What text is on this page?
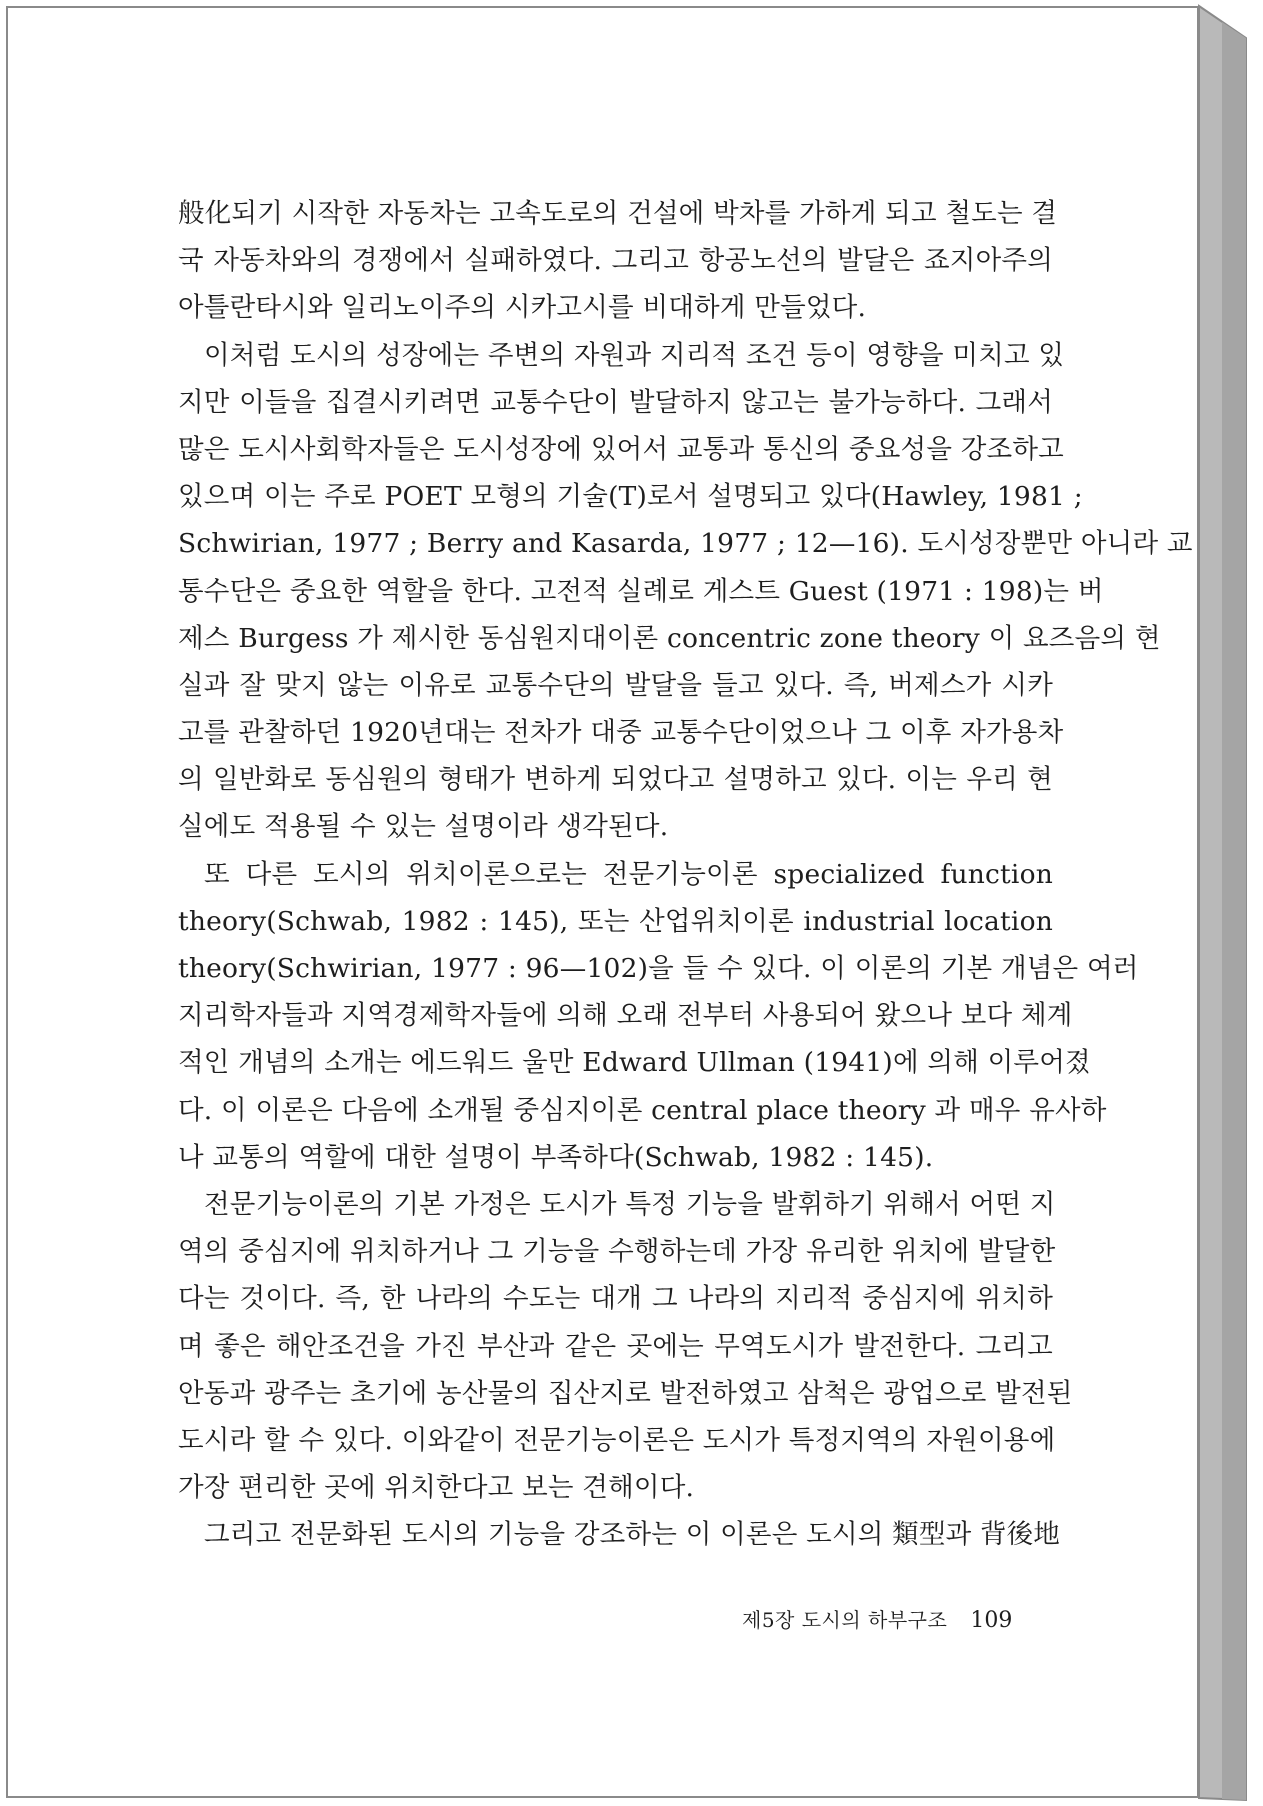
般化되기 시작한 자동차는 고속도로의 건설에 박차를 가하게 되고 철도는 결
국 자동차와의 경쟁에서 실패하였다. 그리고 항공노선의 발달은 죠지아주의
아틀란타시와 일리노이주의 시카고시를 비대하게 만들었다.
이처럼 도시의 성장에는 주변의 자원과 지리적 조건 등이 영향을 미치고 있
지만 이들을 집결시키려면 교통수단이 발달하지 않고는 불가능하다. 그래서
많은 도시사회학자들은 도시성장에 있어서 교통과 통신의 중요성을 강조하고
있으며 이는 주로 POET 모형의 기술(T)로서 설명되고 있다(Hawley, 1981 ;
Schwirian, 1977 ; Berry and Kasarda, 1977 ; 12—16). 도시성장뿐만 아니라 교
통수단은 중요한 역할을 한다. 고전적 실례로 게스트 Guest (1971 : 198)는 버
제스 Burgess 가 제시한 동심원지대이론 concentric zone theory 이 요즈음의 현
실과 잘 맞지 않는 이유로 교통수단의 발달을 들고 있다. 즉, 버제스가 시카
고를 관찰하던 1920년대는 전차가 대중 교통수단이었으나 그 이후 자가용차
의 일반화로 동심원의 형태가 변하게 되었다고 설명하고 있다. 이는 우리 현
실에도 적용될 수 있는 설명이라 생각된다.
또 다른 도시의 위치이론으로는 전문기능이론 specialized function
theory(Schwab, 1982 : 145), 또는 산업위치이론 industrial location
theory(Schwirian, 1977 : 96—102)을 들 수 있다. 이 이론의 기본 개념은 여러
지리학자들과 지역경제학자들에 의해 오래 전부터 사용되어 왔으나 보다 체계
적인 개념의 소개는 에드워드 울만 Edward Ullman (1941)에 의해 이루어졌
다. 이 이론은 다음에 소개될 중심지이론 central place theory 과 매우 유사하
나 교통의 역할에 대한 설명이 부족하다(Schwab, 1982 : 145).
전문기능이론의 기본 가정은 도시가 특정 기능을 발휘하기 위해서 어떤 지
역의 중심지에 위치하거나 그 기능을 수행하는데 가장 유리한 위치에 발달한
다는 것이다. 즉, 한 나라의 수도는 대개 그 나라의 지리적 중심지에 위치하
며 좋은 해안조건을 가진 부산과 같은 곳에는 무역도시가 발전한다. 그리고
안동과 광주는 초기에 농산물의 집산지로 발전하였고 삼척은 광업으로 발전된
도시라 할 수 있다. 이와같이 전문기능이론은 도시가 특정지역의 자원이용에
가장 편리한 곳에 위치한다고 보는 견해이다.
그리고 전문화된 도시의 기능을 강조하는 이 이론은 도시의 類型과 背後地
제5장 도시의 하부구조 109
